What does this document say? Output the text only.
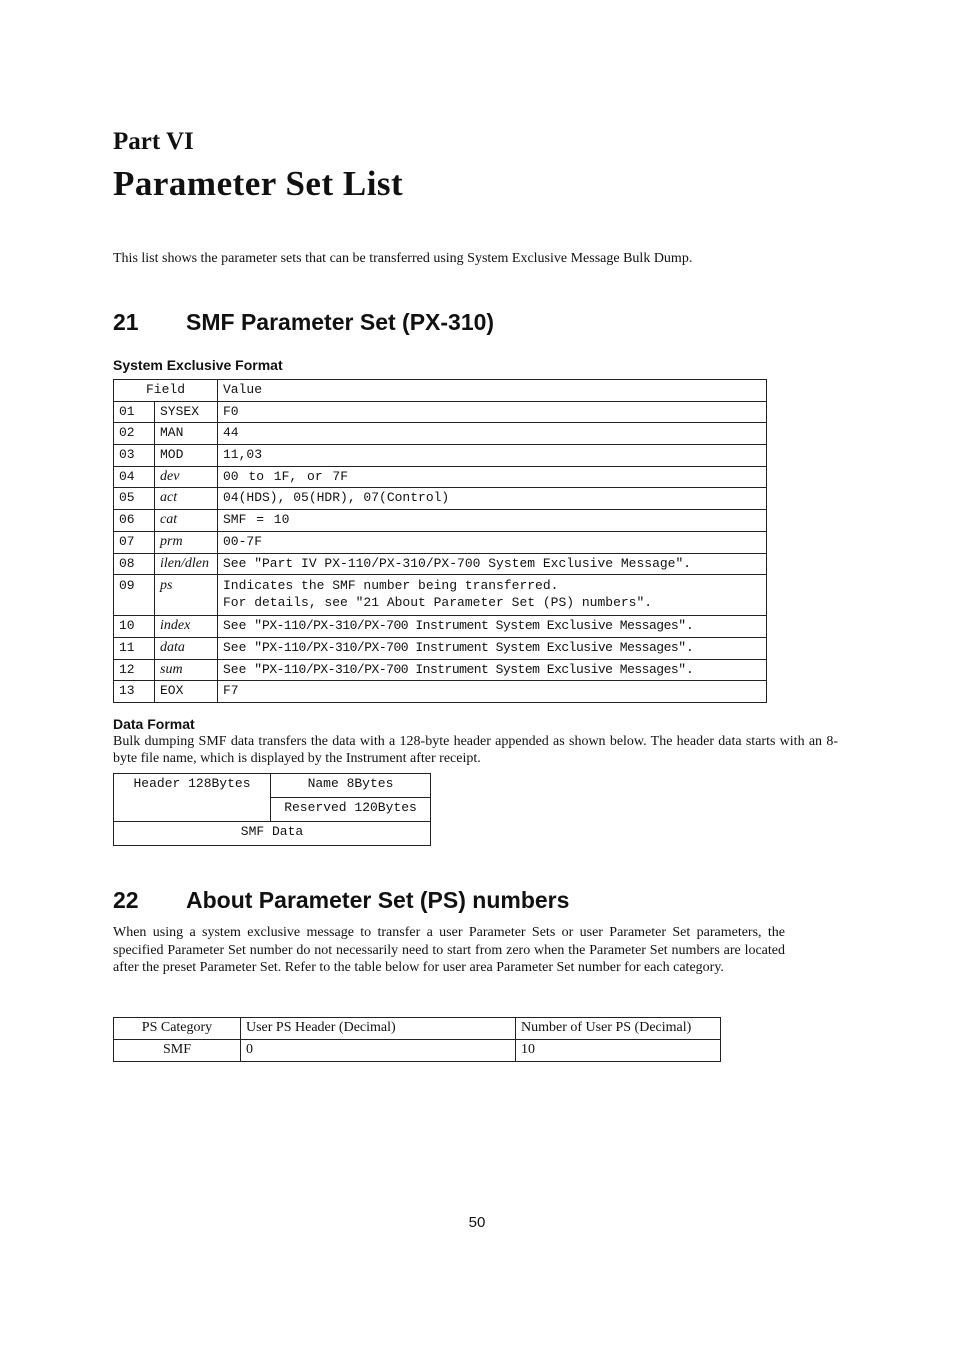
Part VI
Parameter Set List
This list shows the parameter sets that can be transferred using System Exclusive Message Bulk Dump.
21 SMF Parameter Set (PX-310)
System Exclusive Format
Field		Value
01	SYSEX	F0
02	MAN	44
03	MOD	11,03
04	dev	00 to 1F, or 7F
05	act	04(HDS), 05(HDR), 07(Control)
06	cat	SMF = 10
07	prm	00-7F
08	ilen/dlen	See "Part IV PX-110/PX-310/PX-700 System Exclusive Message".
09	ps	Indicates the SMF number being transferred.
For details, see "21 About Parameter Set (PS) numbers".

10	index	See "PX-110/PX-310/PX-700 Instrument System Exclusive Messages".
11	data	See "PX-110/PX-310/PX-700 Instrument System Exclusive Messages".
12	sum	See "PX-110/PX-310/PX-700 Instrument System Exclusive Messages".
13	EOX	F7
Data Format
Bulk dumping SMF data transfers the data with a 128-byte header appended as shown below. The header data starts with an 8-byte file name, which is displayed by the Instrument after receipt.
Header 128Bytes	Name 8Bytes
Reserved 120Bytes
SMF Data
22 About Parameter Set (PS) numbers
When using a system exclusive message to transfer a user Parameter Sets or user Parameter Set parameters, the specified Parameter Set number do not necessarily need to start from zero when the Parameter Set numbers are located after the preset Parameter Set. Refer to the table below for user area Parameter Set number for each category.
PS Category	User PS Header (Decimal)	Number of User PS (Decimal)
SMF	0	10
50
